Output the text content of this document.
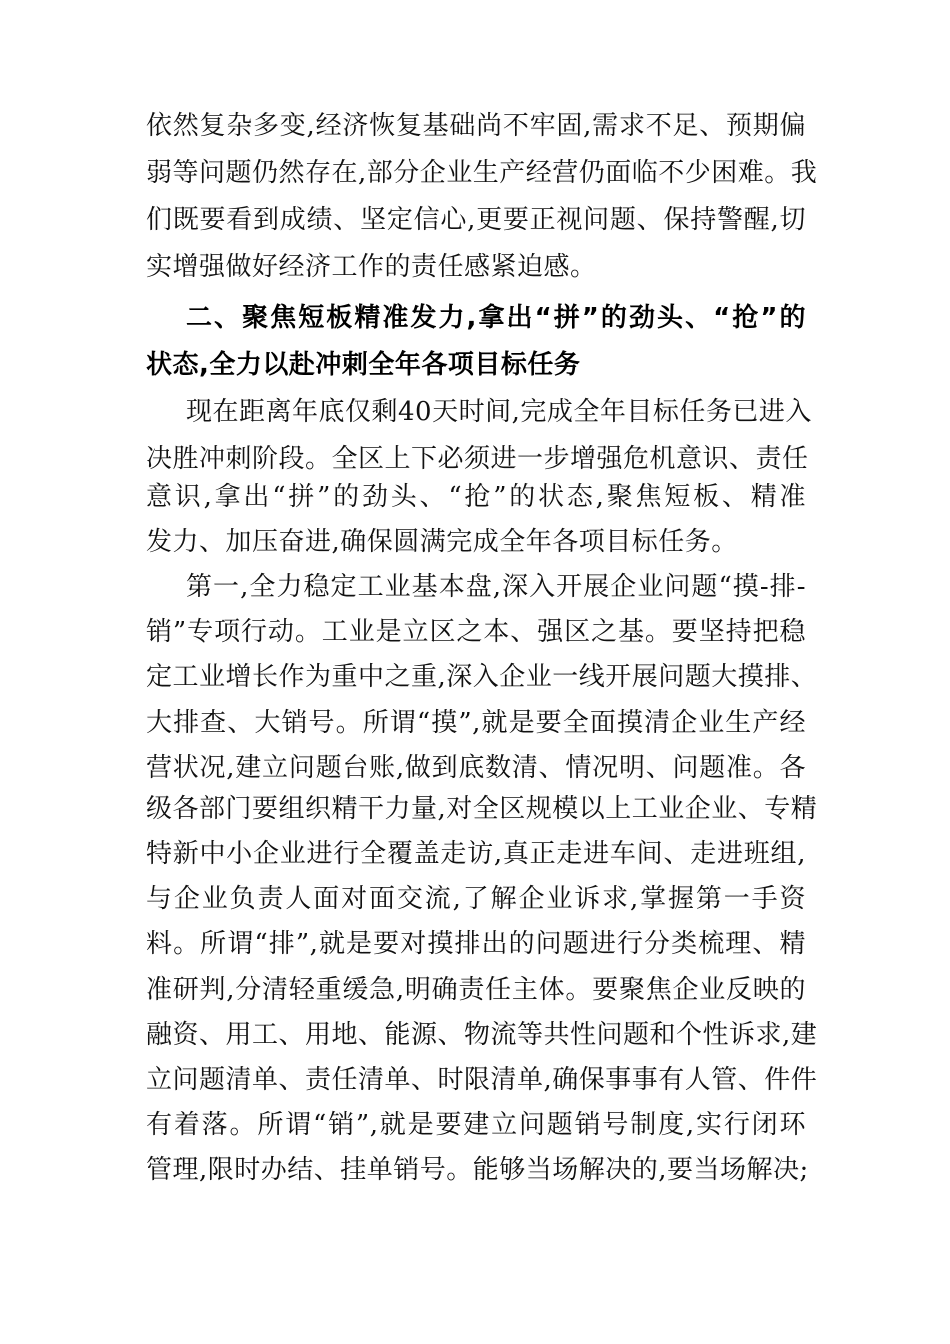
依然复杂多变,经济恢复基础尚不牢固,需求不足、预期偏
弱等问题仍然存在,部分企业生产经营仍面临不少困难。我
们既要看到成绩、坚定信心,更要正视问题、保持警醒,切
实增强做好经济工作的责任感紧迫感。
二、聚焦短板精准发力,拿出“拼”的劲头、“抢”的
状态,全力以赴冲刺全年各项目标任务
现在距离年底仅剩40天时间,完成全年目标任务已进入
决胜冲刺阶段。全区上下必须进一步增强危机意识、责任
意识,拿出“拼”的劲头、“抢”的状态,聚焦短板、精准
发力、加压奋进,确保圆满完成全年各项目标任务。
第一,全力稳定工业基本盘,深入开展企业问题“摸-排-
销”专项行动。工业是立区之本、强区之基。要坚持把稳
定工业增长作为重中之重,深入企业一线开展问题大摸排、
大排查、大销号。所谓“摸”,就是要全面摸清企业生产经
营状况,建立问题台账,做到底数清、情况明、问题准。各
级各部门要组织精干力量,对全区规模以上工业企业、专精
特新中小企业进行全覆盖走访,真正走进车间、走进班组,
与企业负责人面对面交流,了解企业诉求,掌握第一手资
料。所谓“排”,就是要对摸排出的问题进行分类梳理、精
准研判,分清轻重缓急,明确责任主体。要聚焦企业反映的
融资、用工、用地、能源、物流等共性问题和个性诉求,建
立问题清单、责任清单、时限清单,确保事事有人管、件件
有着落。所谓“销”,就是要建立问题销号制度,实行闭环
管理,限时办结、挂单销号。能够当场解决的,要当场解决;
